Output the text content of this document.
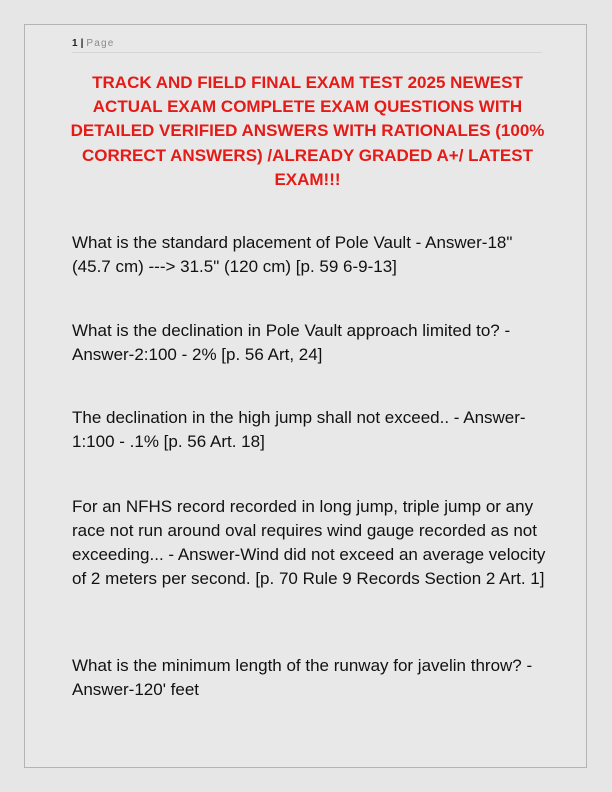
1 | Page
TRACK AND FIELD FINAL EXAM TEST 2025 NEWEST ACTUAL EXAM COMPLETE EXAM QUESTIONS WITH DETAILED VERIFIED ANSWERS WITH RATIONALES (100% CORRECT ANSWERS) /ALREADY GRADED A+/ LATEST EXAM!!!
What is the standard placement of Pole Vault - Answer-18" (45.7 cm) ---> 31.5" (120 cm) [p. 59 6-9-13]
What is the declination in Pole Vault approach limited to? - Answer-2:100 - 2% [p. 56 Art, 24]
The declination in the high jump shall not exceed.. - Answer-1:100 - .1% [p. 56 Art. 18]
For an NFHS record recorded in long jump, triple jump or any race not run around oval requires wind gauge recorded as not exceeding... - Answer-Wind did not exceed an average velocity of 2 meters per second. [p. 70 Rule 9 Records Section 2 Art. 1]
What is the minimum length of the runway for javelin throw? - Answer-120' feet
